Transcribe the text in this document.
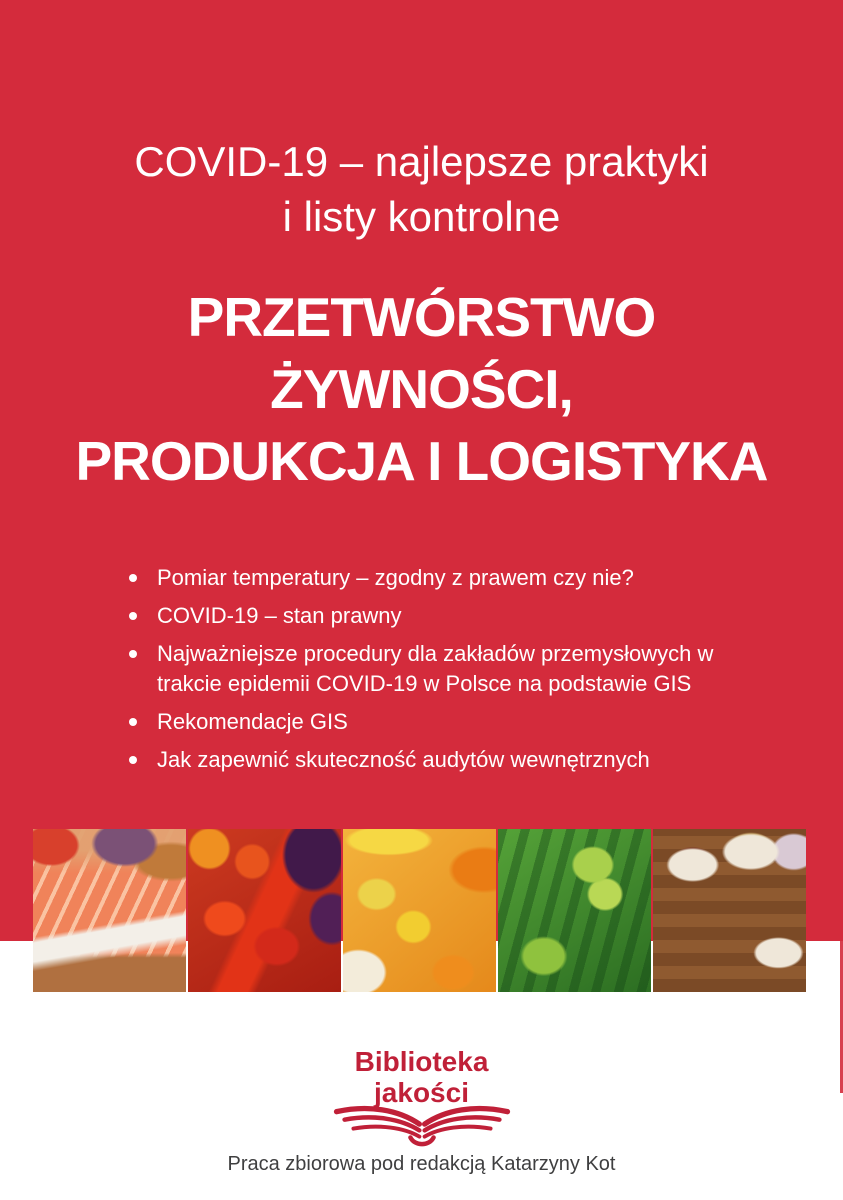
COVID-19 – najlepsze praktyki
i listy kontrolne
PRZETWÓRSTWO
ŻYWNOŚCI,
PRODUKCJA I LOGISTYKA
Pomiar temperatury – zgodny z prawem czy nie?
COVID-19 – stan prawny
Najważniejsze procedury dla zakładów przemysłowych w trakcie epidemii COVID-19 w Polsce na podstawie GIS
Rekomendacje GIS
Jak zapewnić skuteczność audytów wewnętrznych
Biblioteka
jakości
Praca zbiorowa pod redakcją Katarzyny Kot
